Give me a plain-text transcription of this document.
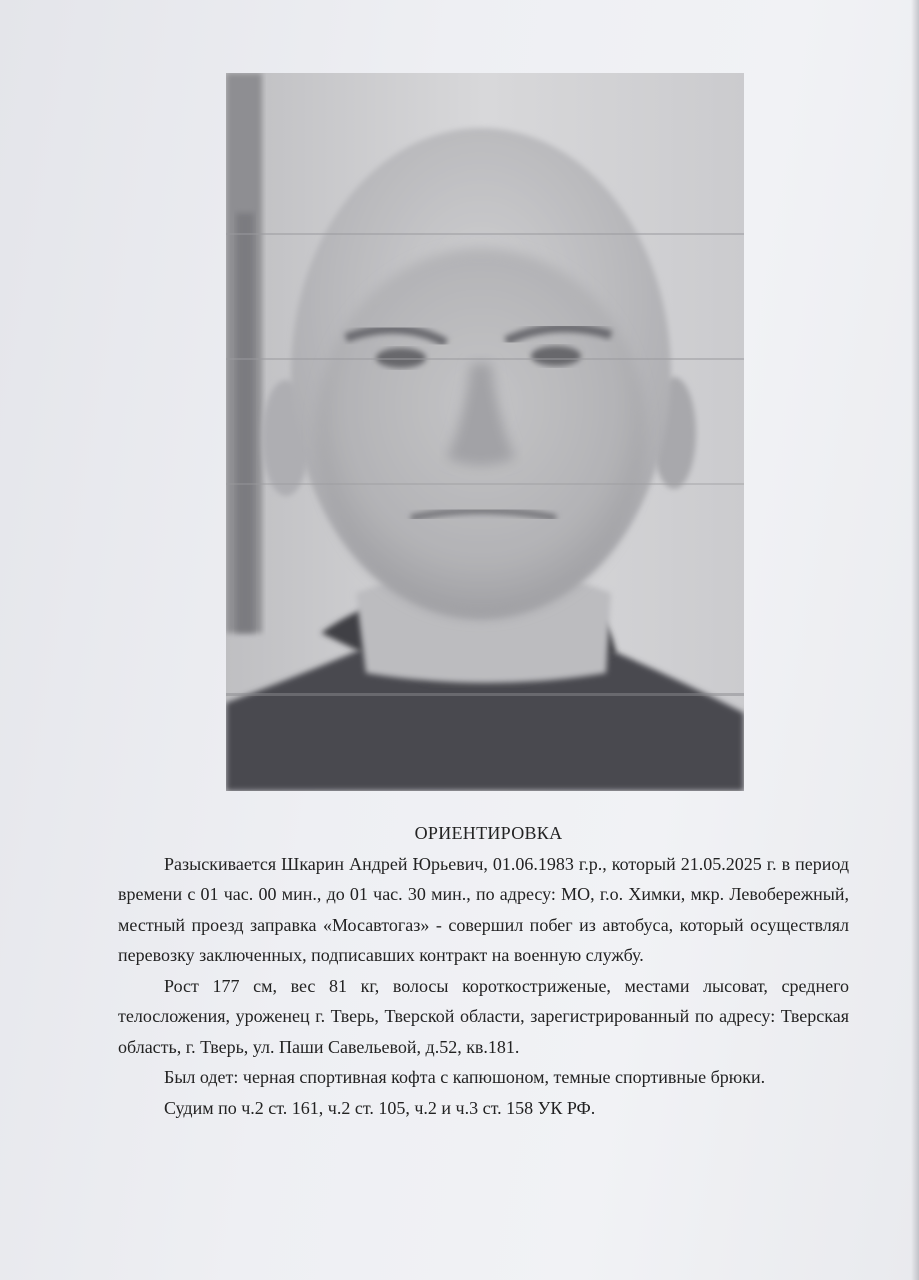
ОРИЕНТИРОВКА

Разыскивается Шкарин Андрей Юрьевич, 01.06.1983 г.р., который 21.05.2025 г. в период времени с 01 час. 00 мин., до 01 час. 30 мин., по адресу: МО, г.о. Химки, мкр. Левобережный, местный проезд заправка «Мосавтогаз» - совершил побег из автобуса, который осуществлял перевозку заключенных, подписавших контракт на военную службу.

Рост 177 см, вес 81 кг, волосы короткостриженые, местами лысоват, среднего телосложения, уроженец г. Тверь, Тверской области, зарегистрированный по адресу: Тверская область, г. Тверь, ул. Паши Савельевой, д.52, кв.181.

Был одет: черная спортивная кофта с капюшоном, темные спортивные брюки.

Судим по ч.2 ст. 161, ч.2 ст. 105, ч.2 и ч.3 ст. 158 УК РФ.
